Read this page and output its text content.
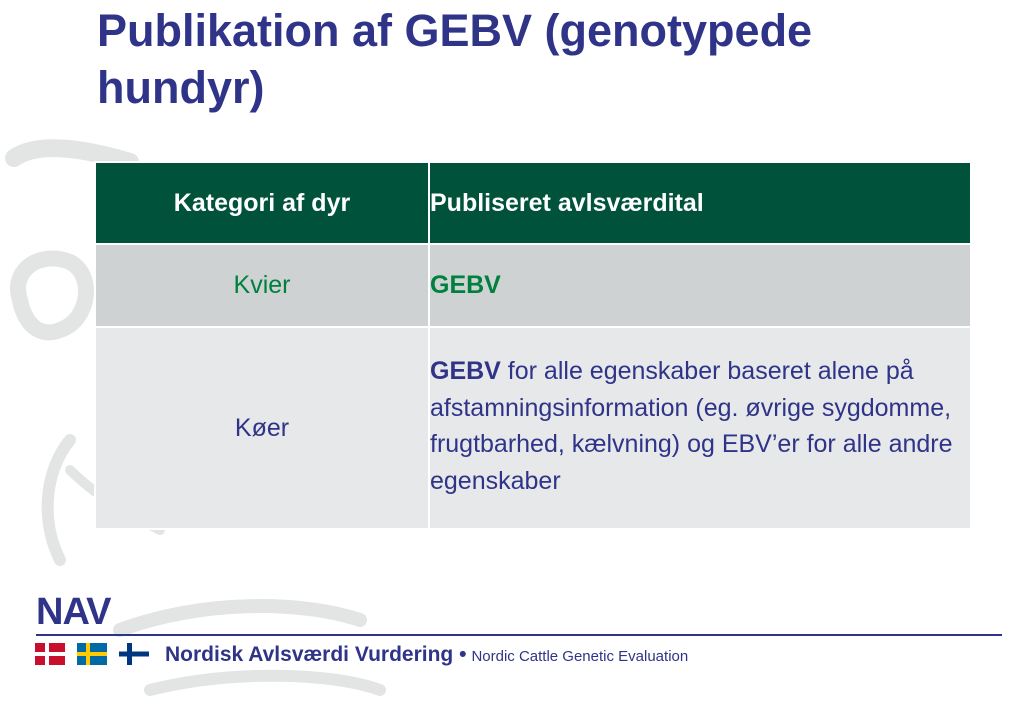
Publikation af GEBV (genotypede hundyr)
Kategori af dyr	Publiseret avlsværdital
Kvier	GEBV
Køer	GEBV for alle egenskaber baseret alene på afstamningsinformation (eg. øvrige sygdomme, frugtbarhed, kælvning) og EBV’er for alle andre egenskaber
NAV
Nordisk Avlsværdi Vurdering • Nordic Cattle Genetic Evaluation
